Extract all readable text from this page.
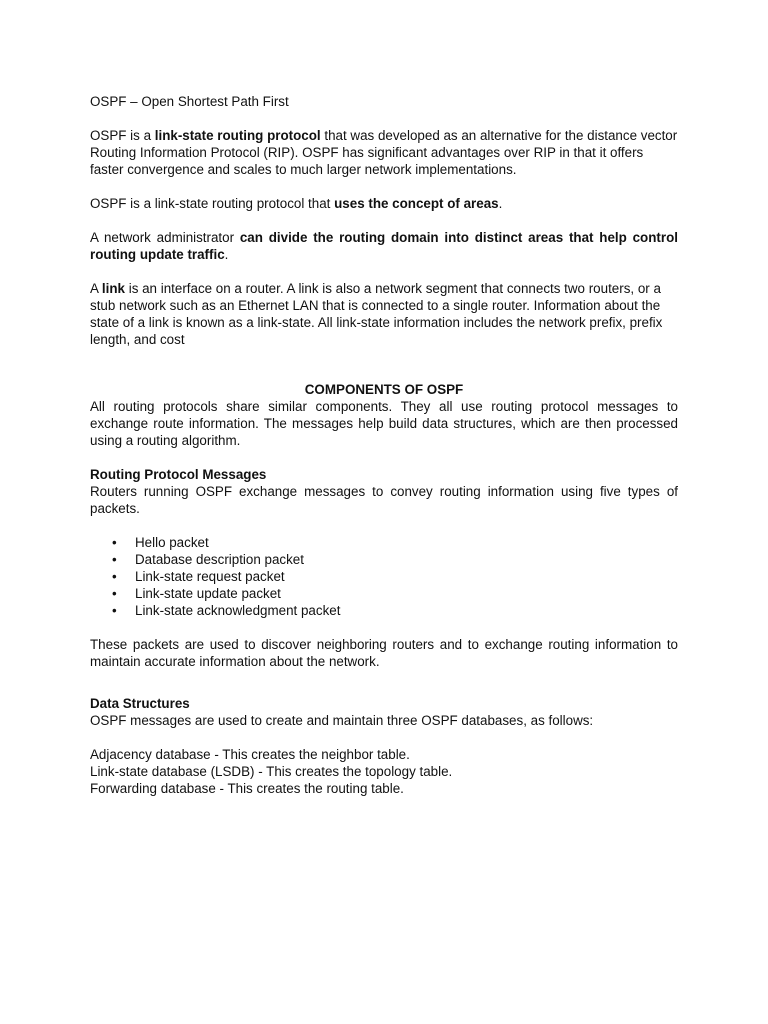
OSPF – Open Shortest Path First

OSPF is a link-state routing protocol that was developed as an alternative for the distance vector Routing Information Protocol (RIP). OSPF has significant advantages over RIP in that it offers faster convergence and scales to much larger network implementations.

OSPF is a link-state routing protocol that uses the concept of areas.

A network administrator can divide the routing domain into distinct areas that help control routing update traffic.

A link is an interface on a router. A link is also a network segment that connects two routers, or a stub network such as an Ethernet LAN that is connected to a single router. Information about the state of a link is known as a link-state. All link-state information includes the network prefix, prefix length, and cost

COMPONENTS OF OSPF

All routing protocols share similar components. They all use routing protocol messages to exchange route information. The messages help build data structures, which are then processed using a routing algorithm.

Routing Protocol Messages

Routers running OSPF exchange messages to convey routing information using five types of packets.

• Hello packet
• Database description packet
• Link-state request packet
• Link-state update packet
• Link-state acknowledgment packet

These packets are used to discover neighboring routers and to exchange routing information to maintain accurate information about the network.

Data Structures

OSPF messages are used to create and maintain three OSPF databases, as follows:

Adjacency database - This creates the neighbor table.

Link-state database (LSDB) - This creates the topology table.

Forwarding database - This creates the routing table.
